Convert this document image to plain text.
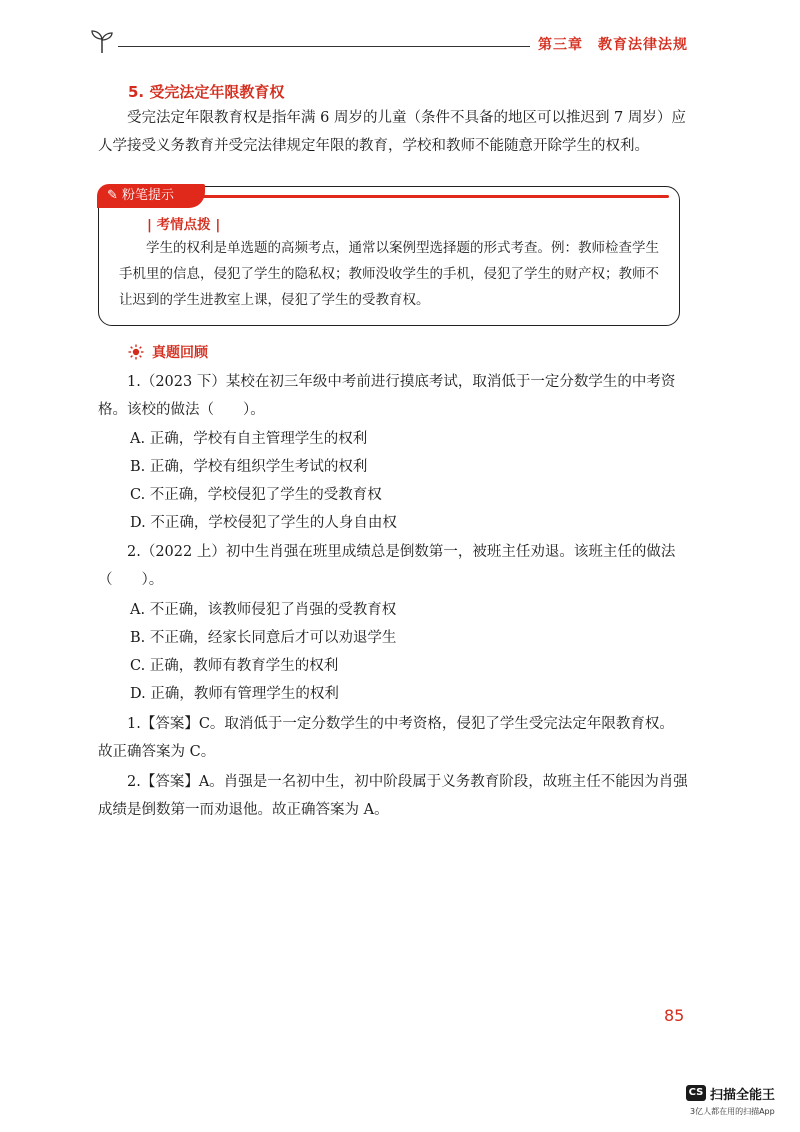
第三章　教育法律法规
5. 受完法定年限教育权
受完法定年限教育权是指年满 6 周岁的儿童（条件不具备的地区可以推迟到 7 周岁）应人学接受义务教育并受完法律规定年限的教育，学校和教师不能随意开除学生的权利。
✎ 粉笔提示
| 考情点拨 |
学生的权利是单选题的高频考点，通常以案例型选择题的形式考查。例：教师检查学生手机里的信息，侵犯了学生的隐私权；教师没收学生的手机，侵犯了学生的财产权；教师不让迟到的学生进教室上课，侵犯了学生的受教育权。
真题回顾
1.（2023 下）某校在初三年级中考前进行摸底考试，取消低于一定分数学生的中考资格。该校的做法（　　）。
A. 正确，学校有自主管理学生的权利
B. 正确，学校有组织学生考试的权利
C. 不正确，学校侵犯了学生的受教育权
D. 不正确，学校侵犯了学生的人身自由权
2.（2022 上）初中生肖强在班里成绩总是倒数第一，被班主任劝退。该班主任的做法（　　）。
A. 不正确，该教师侵犯了肖强的受教育权
B. 不正确，经家长同意后才可以劝退学生
C. 正确，教师有教育学生的权利
D. 正确，教师有管理学生的权利
1.【答案】C。取消低于一定分数学生的中考资格，侵犯了学生受完法定年限教育权。故正确答案为 C。
2.【答案】A。肖强是一名初中生，初中阶段属于义务教育阶段，故班主任不能因为肖强成绩是倒数第一而劝退他。故正确答案为 A。
85
CS 扫描全能王
3亿人都在用的扫描App
